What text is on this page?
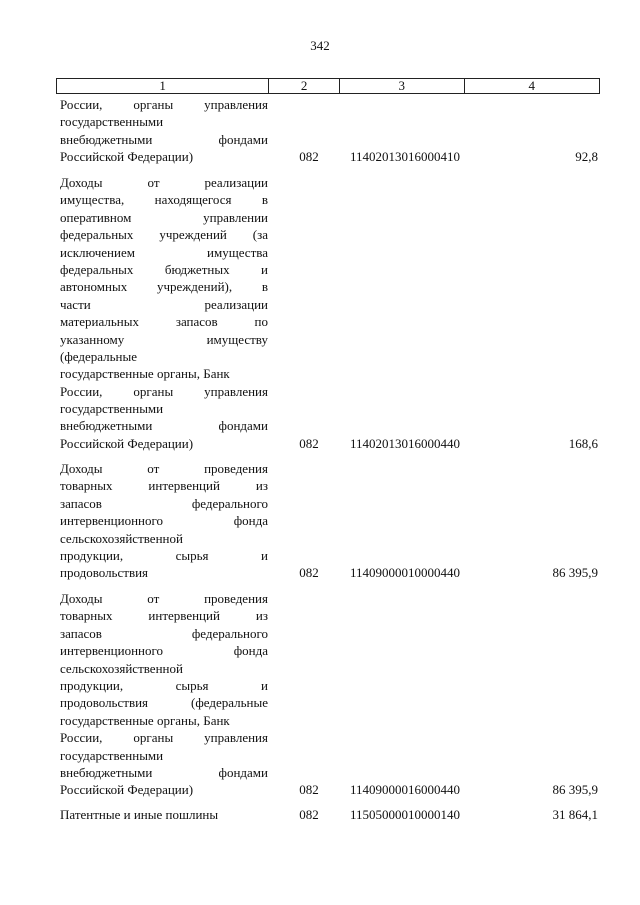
342
1	2	3	4
России, органы управления
государственными
внебюджетными	фондами
Российской Федерации)	082	11402013016000410	92,8
Доходы	от	реализации
имущества, находящегося в
оперативном	управлении
федеральных учреждений (за
исключением	имущества
федеральных бюджетных и
автономных учреждений), в
части	реализации
материальных	запасов	по
указанному	имуществу
(федеральные
государственные органы, Банк
России, органы управления
государственными
внебюджетными	фондами
Российской Федерации)	082	11402013016000440	168,6
Доходы	от	проведения
товарных	интервенций	из
запасов	федерального
интервенционного	фонда
сельскохозяйственной
продукции,	сырья	и
продовольствия	082	11409000010000440	86 395,9
Доходы	от	проведения
товарных	интервенций	из
запасов	федерального
интервенционного	фонда
сельскохозяйственной
продукции,	сырья	и
продовольствия	(федеральные
государственные органы, Банк
России, органы управления
государственными
внебюджетными	фондами
Российской Федерации)	082	11409000016000440	86 395,9
Патентные и иные пошлины	082	11505000010000140	31 864,1
